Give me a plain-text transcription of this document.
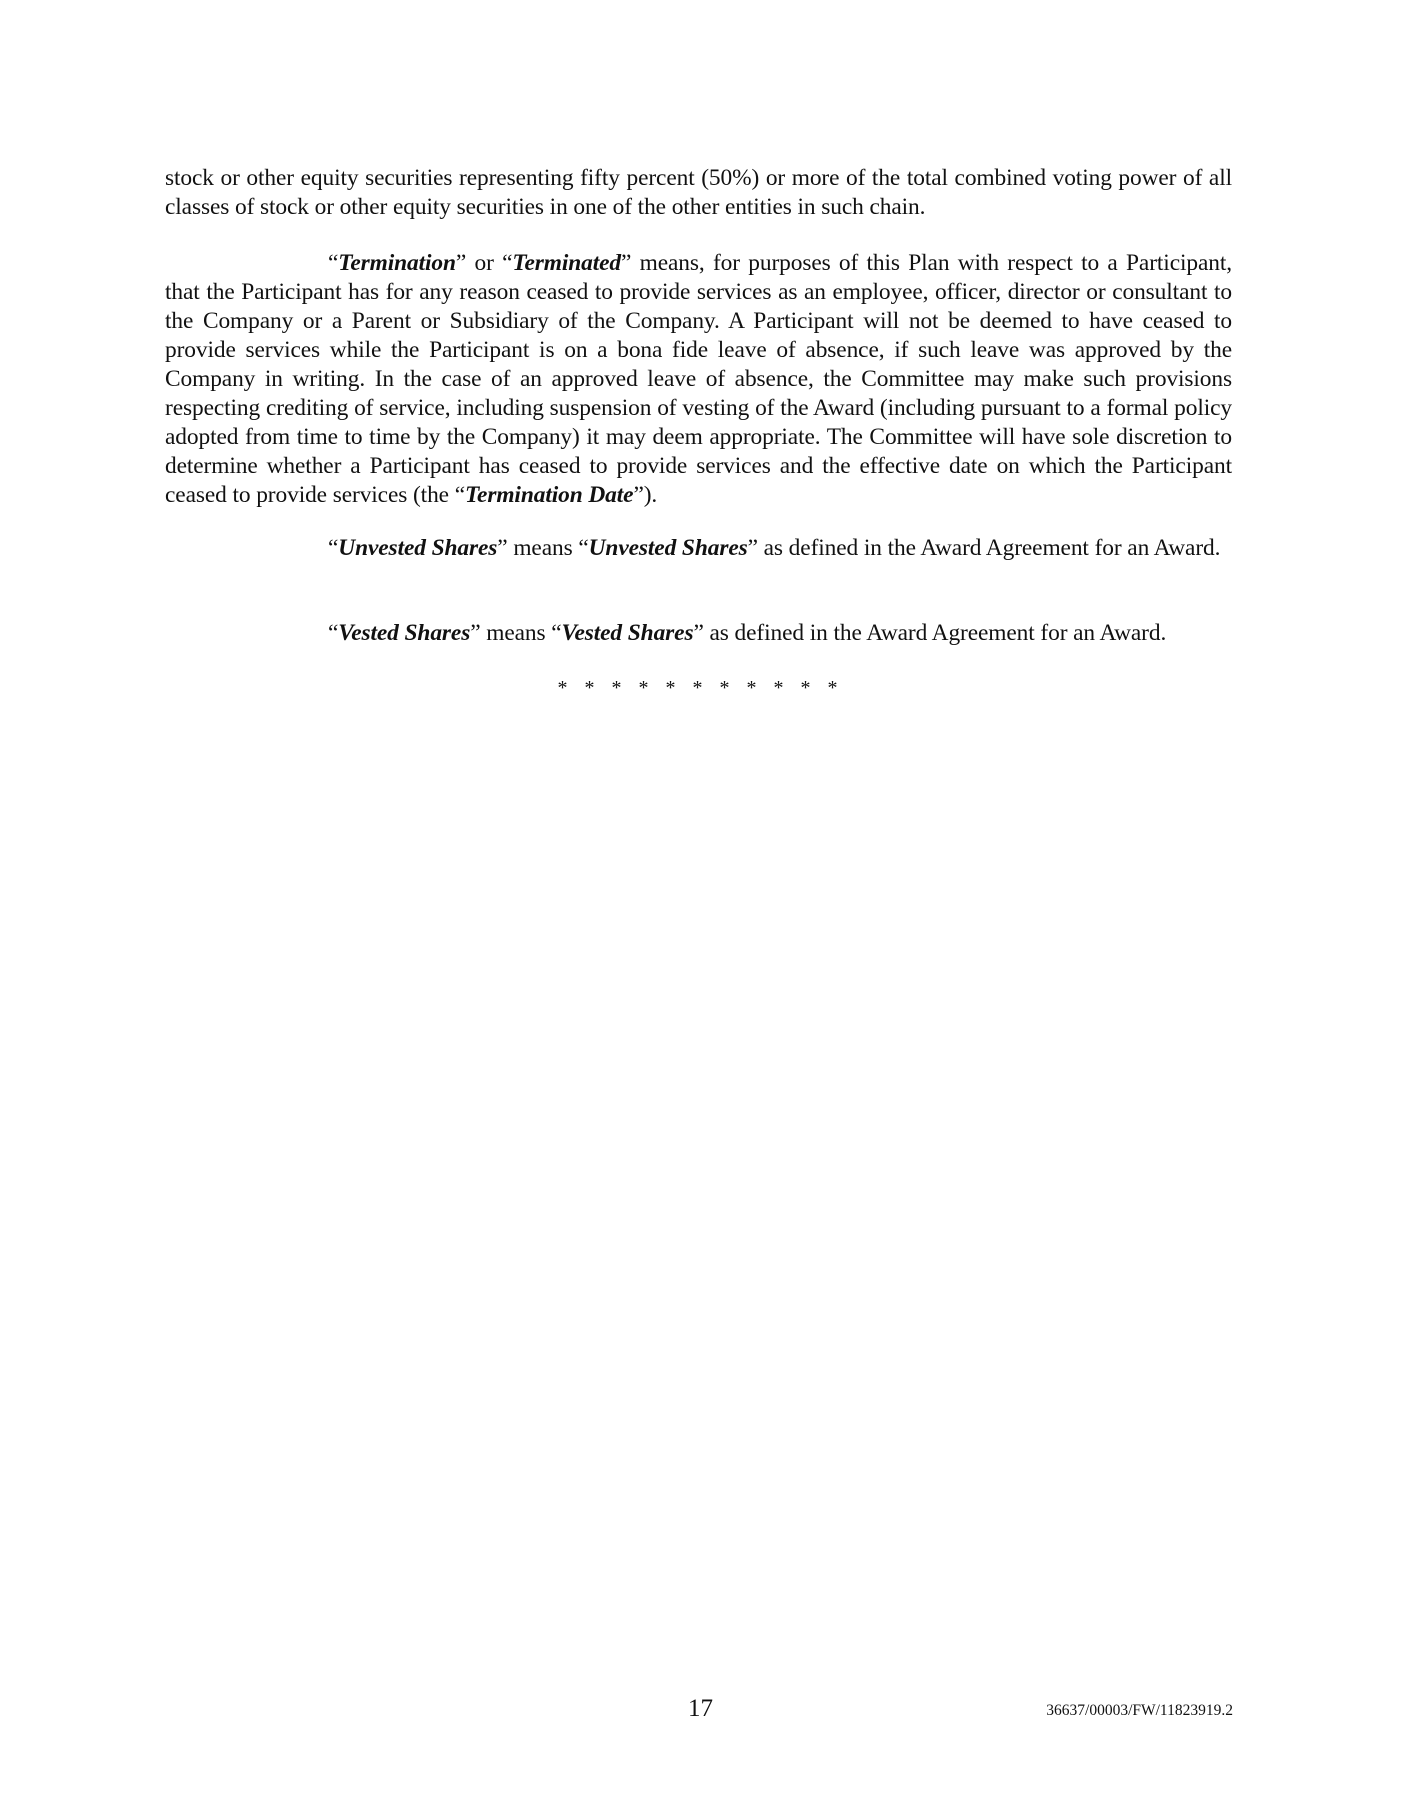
stock or other equity securities representing fifty percent (50%) or more of the total combined voting power of all classes of stock or other equity securities in one of the other entities in such chain.

“Termination” or “Terminated” means, for purposes of this Plan with respect to a Participant, that the Participant has for any reason ceased to provide services as an employee, officer, director or consultant to the Company or a Parent or Subsidiary of the Company. A Participant will not be deemed to have ceased to provide services while the Participant is on a bona fide leave of absence, if such leave was approved by the Company in writing. In the case of an approved leave of absence, the Committee may make such provisions respecting crediting of service, including suspension of vesting of the Award (including pursuant to a formal policy adopted from time to time by the Company) it may deem appropriate. The Committee will have sole discretion to determine whether a Participant has ceased to provide services and the effective date on which the Participant ceased to provide services (the “Termination Date”).

“Unvested Shares” means “Unvested Shares” as defined in the Award Agreement for an Award.

“Vested Shares” means “Vested Shares” as defined in the Award Agreement for an Award.

* * * * * * * * * * *
17	36637/00003/FW/11823919.2
